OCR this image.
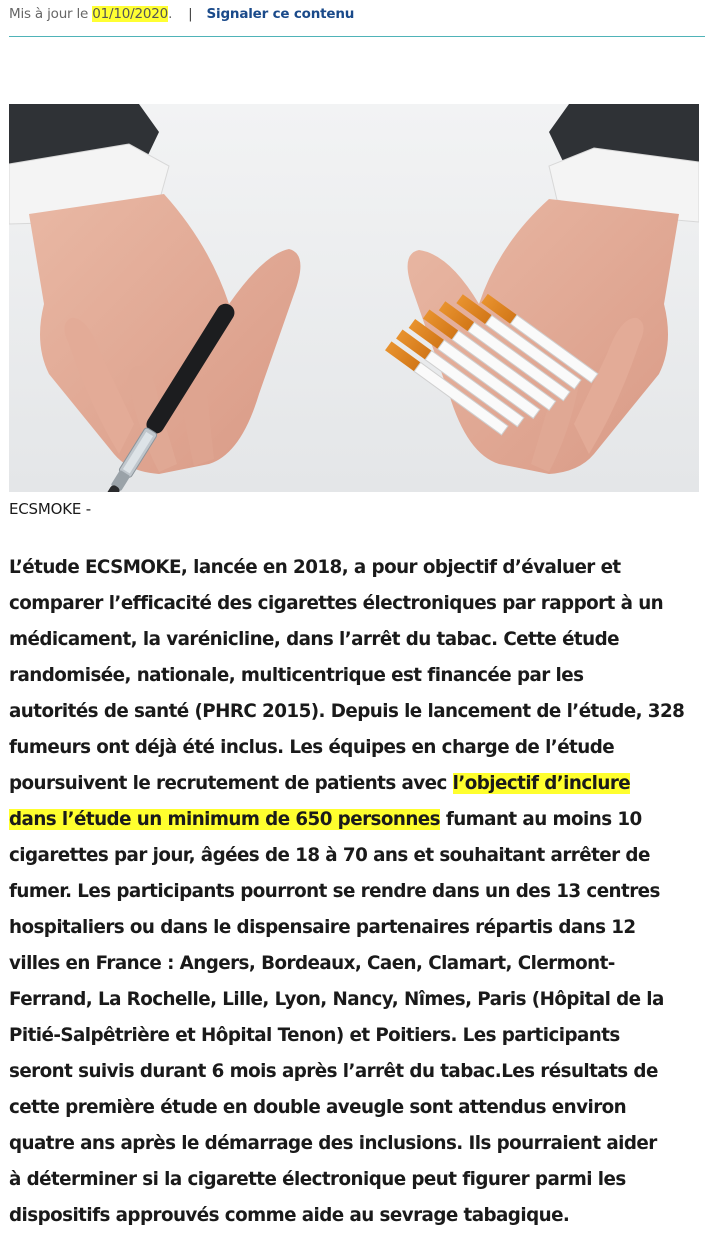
Mis à jour le 01/10/2020. | Signaler ce contenu
ECSMOKE -
L’étude ECSMOKE, lancée en 2018, a pour objectif d’évaluer et
comparer l’efficacité des cigarettes électroniques par rapport à un
médicament, la varénicline, dans l’arrêt du tabac. Cette étude
randomisée, nationale, multicentrique est financée par les
autorités de santé (PHRC 2015). Depuis le lancement de l’étude, 328
fumeurs ont déjà été inclus. Les équipes en charge de l’étude
poursuivent le recrutement de patients avec l’objectif d’inclure
dans l’étude un minimum de 650 personnes fumant au moins 10
cigarettes par jour, âgées de 18 à 70 ans et souhaitant arrêter de
fumer. Les participants pourront se rendre dans un des 13 centres
hospitaliers ou dans le dispensaire partenaires répartis dans 12
villes en France : Angers, Bordeaux, Caen, Clamart, Clermont-
Ferrand, La Rochelle, Lille, Lyon, Nancy, Nîmes, Paris (Hôpital de la
Pitié-Salpêtrière et Hôpital Tenon) et Poitiers. Les participants
seront suivis durant 6 mois après l’arrêt du tabac.Les résultats de
cette première étude en double aveugle sont attendus environ
quatre ans après le démarrage des inclusions. Ils pourraient aider
à déterminer si la cigarette électronique peut figurer parmi les
dispositifs approuvés comme aide au sevrage tabagique.
